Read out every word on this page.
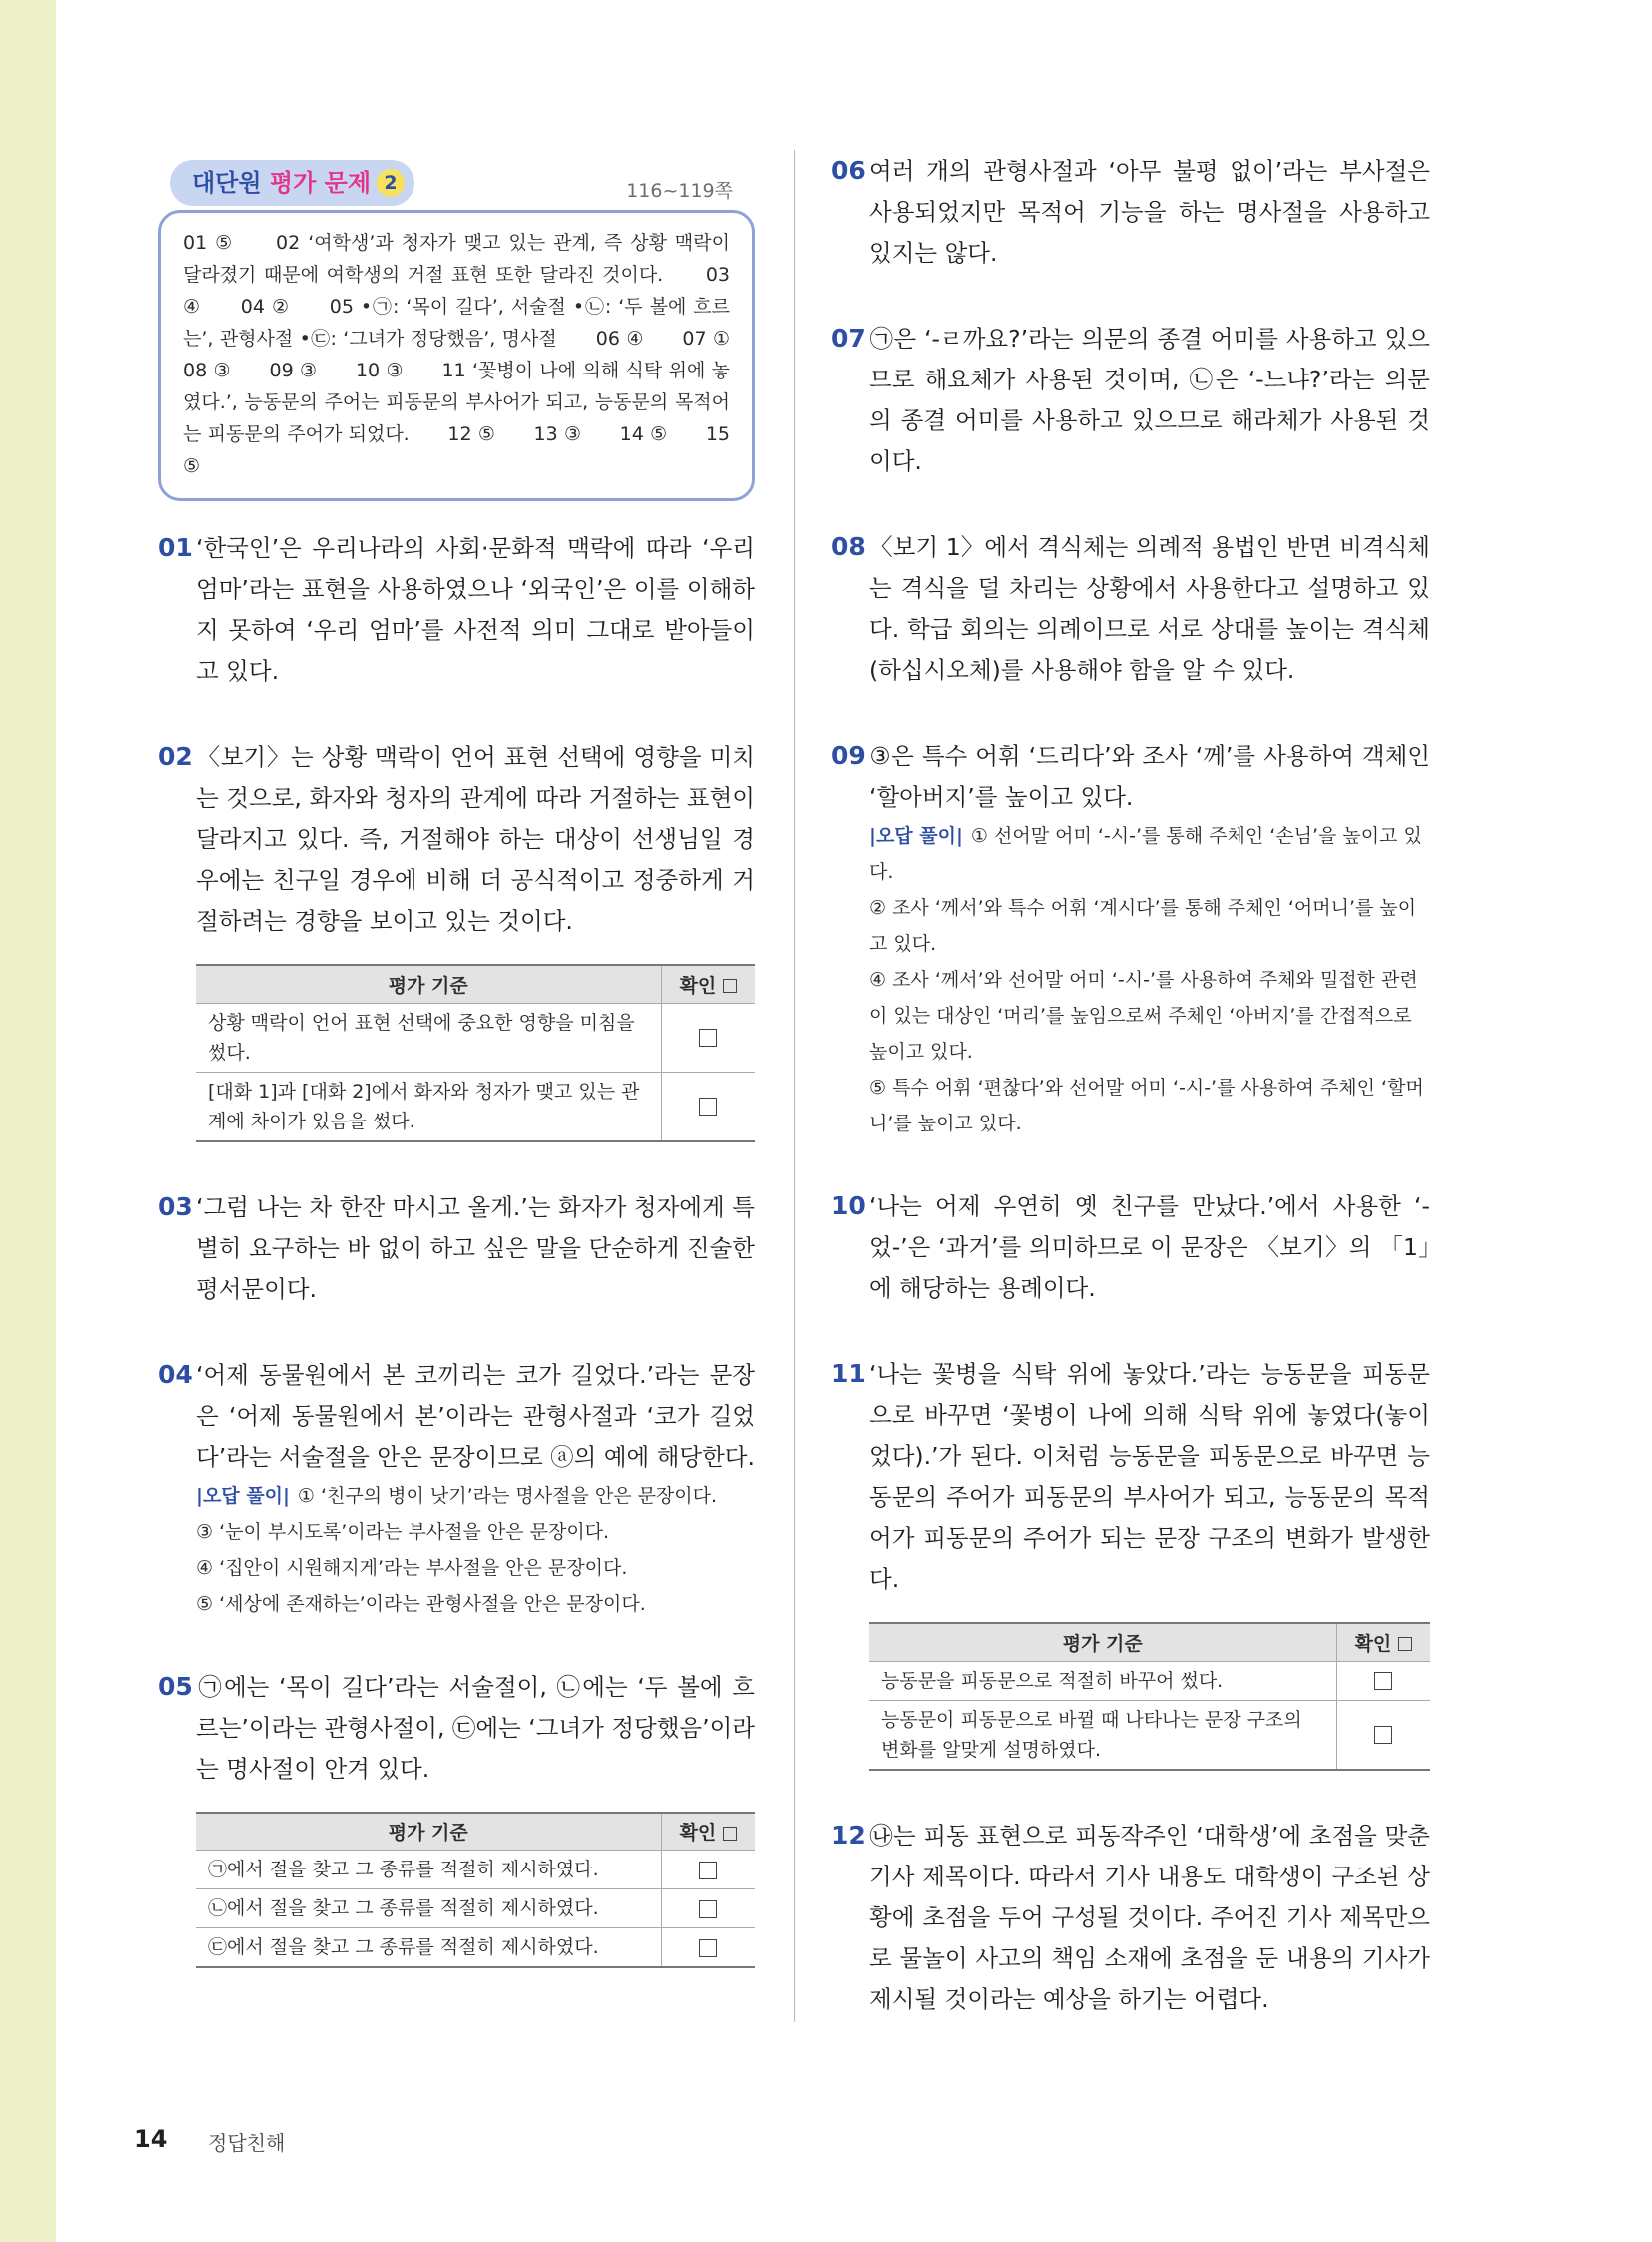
대단원 평가 문제 2	116~119쪽
01 ⑤　　02 ‘여학생’과 청자가 맺고 있는 관계, 즉 상황 맥락이 달라졌기 때문에 여학생의 거절 표현 또한 달라진 것이다.　　03 ④　　04 ②　　05 •㉠: ‘목이 길다’, 서술절 •㉡: ‘두 볼에 흐르는’, 관형사절 •㉢: ‘그녀가 정당했음’, 명사절　　06 ④　　07 ①　　08 ③　　09 ③　　10 ③　　11 ‘꽃병이 나에 의해 식탁 위에 놓였다.’, 능동문의 주어는 피동문의 부사어가 되고, 능동문의 목적어는 피동문의 주어가 되었다.　　12 ⑤　　13 ③　　14 ⑤　　15 ⑤
01 ‘한국인’은 우리나라의 사회·문화적 맥락에 따라 ‘우리 엄마’라는 표현을 사용하였으나 ‘외국인’은 이를 이해하지 못하여 ‘우리 엄마’를 사전적 의미 그대로 받아들이고 있다.
02 〈보기〉는 상황 맥락이 언어 표현 선택에 영향을 미치는 것으로, 화자와 청자의 관계에 따라 거절하는 표현이 달라지고 있다. 즉, 거절해야 하는 대상이 선생님일 경우에는 친구일 경우에 비해 더 공식적이고 정중하게 거절하려는 경향을 보이고 있는 것이다.
평가 기준	확인
상황 맥락이 언어 표현 선택에 중요한 영향을 미침을 썼다.	
[대화 1]과 [대화 2]에서 화자와 청자가 맺고 있는 관계에 차이가 있음을 썼다.	
03 ‘그럼 나는 차 한잔 마시고 올게.’는 화자가 청자에게 특별히 요구하는 바 없이 하고 싶은 말을 단순하게 진술한 평서문이다.
04 ‘어제 동물원에서 본 코끼리는 코가 길었다.’라는 문장은 ‘어제 동물원에서 본’이라는 관형사절과 ‘코가 길었다’라는 서술절을 안은 문장이므로 ⓐ의 예에 해당한다.
|오답 풀이| ① ‘친구의 병이 낫기’라는 명사절을 안은 문장이다.
③ ‘눈이 부시도록’이라는 부사절을 안은 문장이다.
④ ‘집안이 시원해지게’라는 부사절을 안은 문장이다.
⑤ ‘세상에 존재하는’이라는 관형사절을 안은 문장이다.
05 ㉠에는 ‘목이 길다’라는 서술절이, ㉡에는 ‘두 볼에 흐르는’이라는 관형사절이, ㉢에는 ‘그녀가 정당했음’이라는 명사절이 안겨 있다.
평가 기준	확인
㉠에서 절을 찾고 그 종류를 적절히 제시하였다.	
㉡에서 절을 찾고 그 종류를 적절히 제시하였다.	
㉢에서 절을 찾고 그 종류를 적절히 제시하였다.	
06 여러 개의 관형사절과 ‘아무 불평 없이’라는 부사절은 사용되었지만 목적어 기능을 하는 명사절을 사용하고 있지는 않다.
07 ㉠은 ‘-ㄹ까요?’라는 의문의 종결 어미를 사용하고 있으므로 해요체가 사용된 것이며, ㉡은 ‘-느냐?’라는 의문의 종결 어미를 사용하고 있으므로 해라체가 사용된 것이다.
08 〈보기 1〉에서 격식체는 의례적 용법인 반면 비격식체는 격식을 덜 차리는 상황에서 사용한다고 설명하고 있다. 학급 회의는 의례이므로 서로 상대를 높이는 격식체(하십시오체)를 사용해야 함을 알 수 있다.
09 ③은 특수 어휘 ‘드리다’와 조사 ‘께’를 사용하여 객체인 ‘할아버지’를 높이고 있다.
|오답 풀이| ① 선어말 어미 ‘-시-’를 통해 주체인 ‘손님’을 높이고 있다.
② 조사 ‘께서’와 특수 어휘 ‘계시다’를 통해 주체인 ‘어머니’를 높이고 있다.
④ 조사 ‘께서’와 선어말 어미 ‘-시-’를 사용하여 주체와 밀접한 관련이 있는 대상인 ‘머리’를 높임으로써 주체인 ‘아버지’를 간접적으로 높이고 있다.
⑤ 특수 어휘 ‘편찮다’와 선어말 어미 ‘-시-’를 사용하여 주체인 ‘할머니’를 높이고 있다.
10 ‘나는 어제 우연히 옛 친구를 만났다.’에서 사용한 ‘-었-’은 ‘과거’를 의미하므로 이 문장은 〈보기〉의 「1」에 해당하는 용례이다.
11 ‘나는 꽃병을 식탁 위에 놓았다.’라는 능동문을 피동문으로 바꾸면 ‘꽃병이 나에 의해 식탁 위에 놓였다(놓이었다).’가 된다. 이처럼 능동문을 피동문으로 바꾸면 능동문의 주어가 피동문의 부사어가 되고, 능동문의 목적어가 피동문의 주어가 되는 문장 구조의 변화가 발생한다.
평가 기준	확인
능동문을 피동문으로 적절히 바꾸어 썼다.	
능동문이 피동문으로 바뀔 때 나타나는 문장 구조의 변화를 알맞게 설명하였다.	
12 ㉯는 피동 표현으로 피동작주인 ‘대학생’에 초점을 맞춘 기사 제목이다. 따라서 기사 내용도 대학생이 구조된 상황에 초점을 두어 구성될 것이다. 주어진 기사 제목만으로 물놀이 사고의 책임 소재에 초점을 둔 내용의 기사가 제시될 것이라는 예상을 하기는 어렵다.
14 정답친해
